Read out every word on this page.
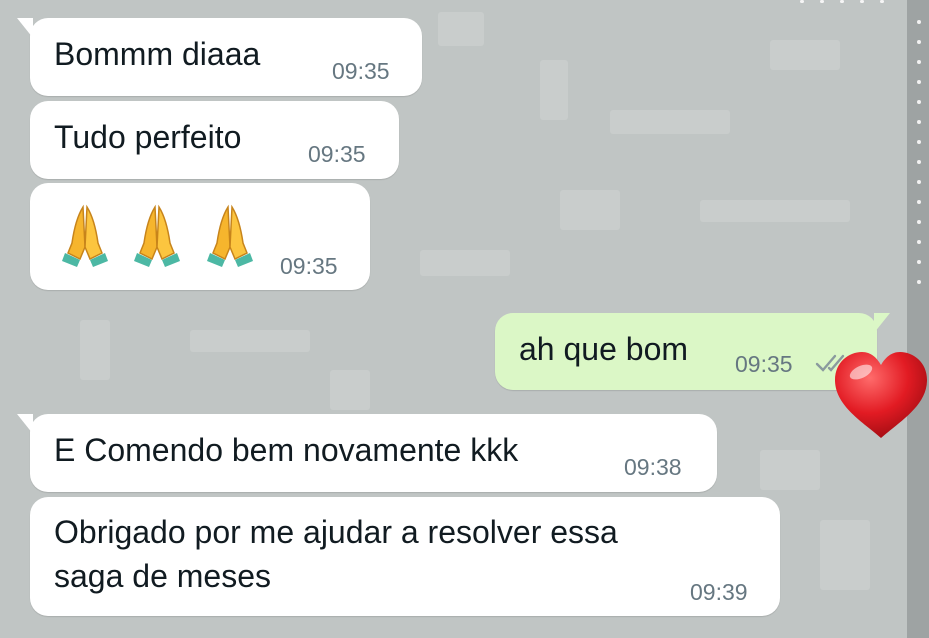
Bommm diaaa	09:35
Tudo perfeito	09:35

09:35
ah que bom 09:35
E Comendo bem novamente kkk	09:38
Obrigado por me ajudar a resolver essa
saga de meses	09:39
